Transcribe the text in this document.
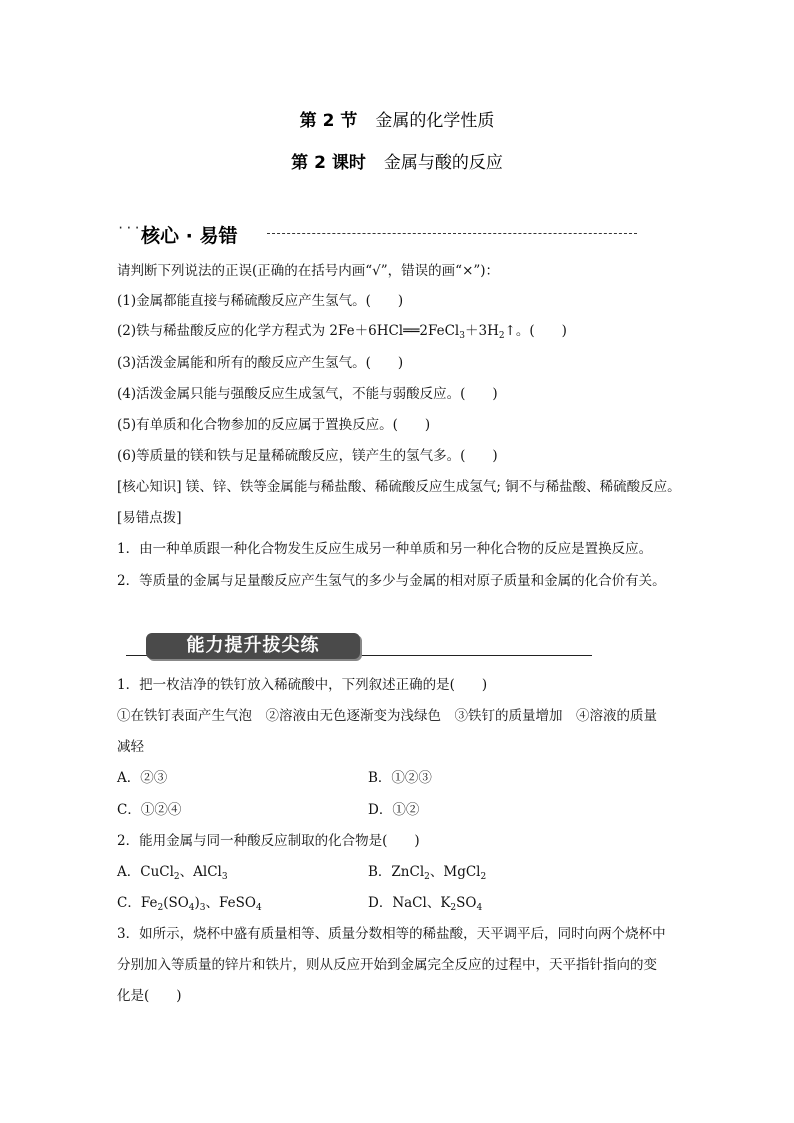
第 2 节 金属的化学性质
第 2 课时 金属与酸的反应
··· 核心 · 易错
请判断下列说法的正误(正确的在括号内画“√”，错误的画“×”)：
(1)金属都能直接与稀硫酸反应产生氢气。(　　)
(2)铁与稀盐酸反应的化学方程式为 $2Fe+6HCl══2FeCl_3+3H_2↑$。(　　)
(3)活泼金属能和所有的酸反应产生氢气。(　　)
(4)活泼金属只能与强酸反应生成氢气，不能与弱酸反应。(　　)
(5)有单质和化合物参加的反应属于置换反应。(　　)
(6)等质量的镁和铁与足量稀硫酸反应，镁产生的氢气多。(　　)
[核心知识] 镁、锌、铁等金属能与稀盐酸、稀硫酸反应生成氢气; 铜不与稀盐酸、稀硫酸反应。
[易错点拨]
1．由一种单质跟一种化合物发生反应生成另一种单质和另一种化合物的反应是置换反应。
2．等质量的金属与足量酸反应产生氢气的多少与金属的相对原子质量和金属的化合价有关。
能力提升拔尖练
1．把一枚洁净的铁钉放入稀硫酸中，下列叙述正确的是(　　)
①在铁钉表面产生气泡　②溶液由无色逐渐变为浅绿色　③铁钉的质量增加　④溶液的质量
减轻
A．②③	B．①②③
C．①②④	D．①②
2．能用金属与同一种酸反应制取的化合物是(　　)
A．CuCl$_2$、AlCl$_3$	B．ZnCl$_2$、MgCl$_2$
C．$Fe_2(SO_4)_3$、FeSO$_4$	D．NaCl、$K_2SO_4$
3．如所示，烧杯中盛有质量相等、质量分数相等的稀盐酸，天平调平后，同时向两个烧杯中
分别加入等质量的锌片和铁片，则从反应开始到金属完全反应的过程中，天平指针指向的变
化是(　　)
